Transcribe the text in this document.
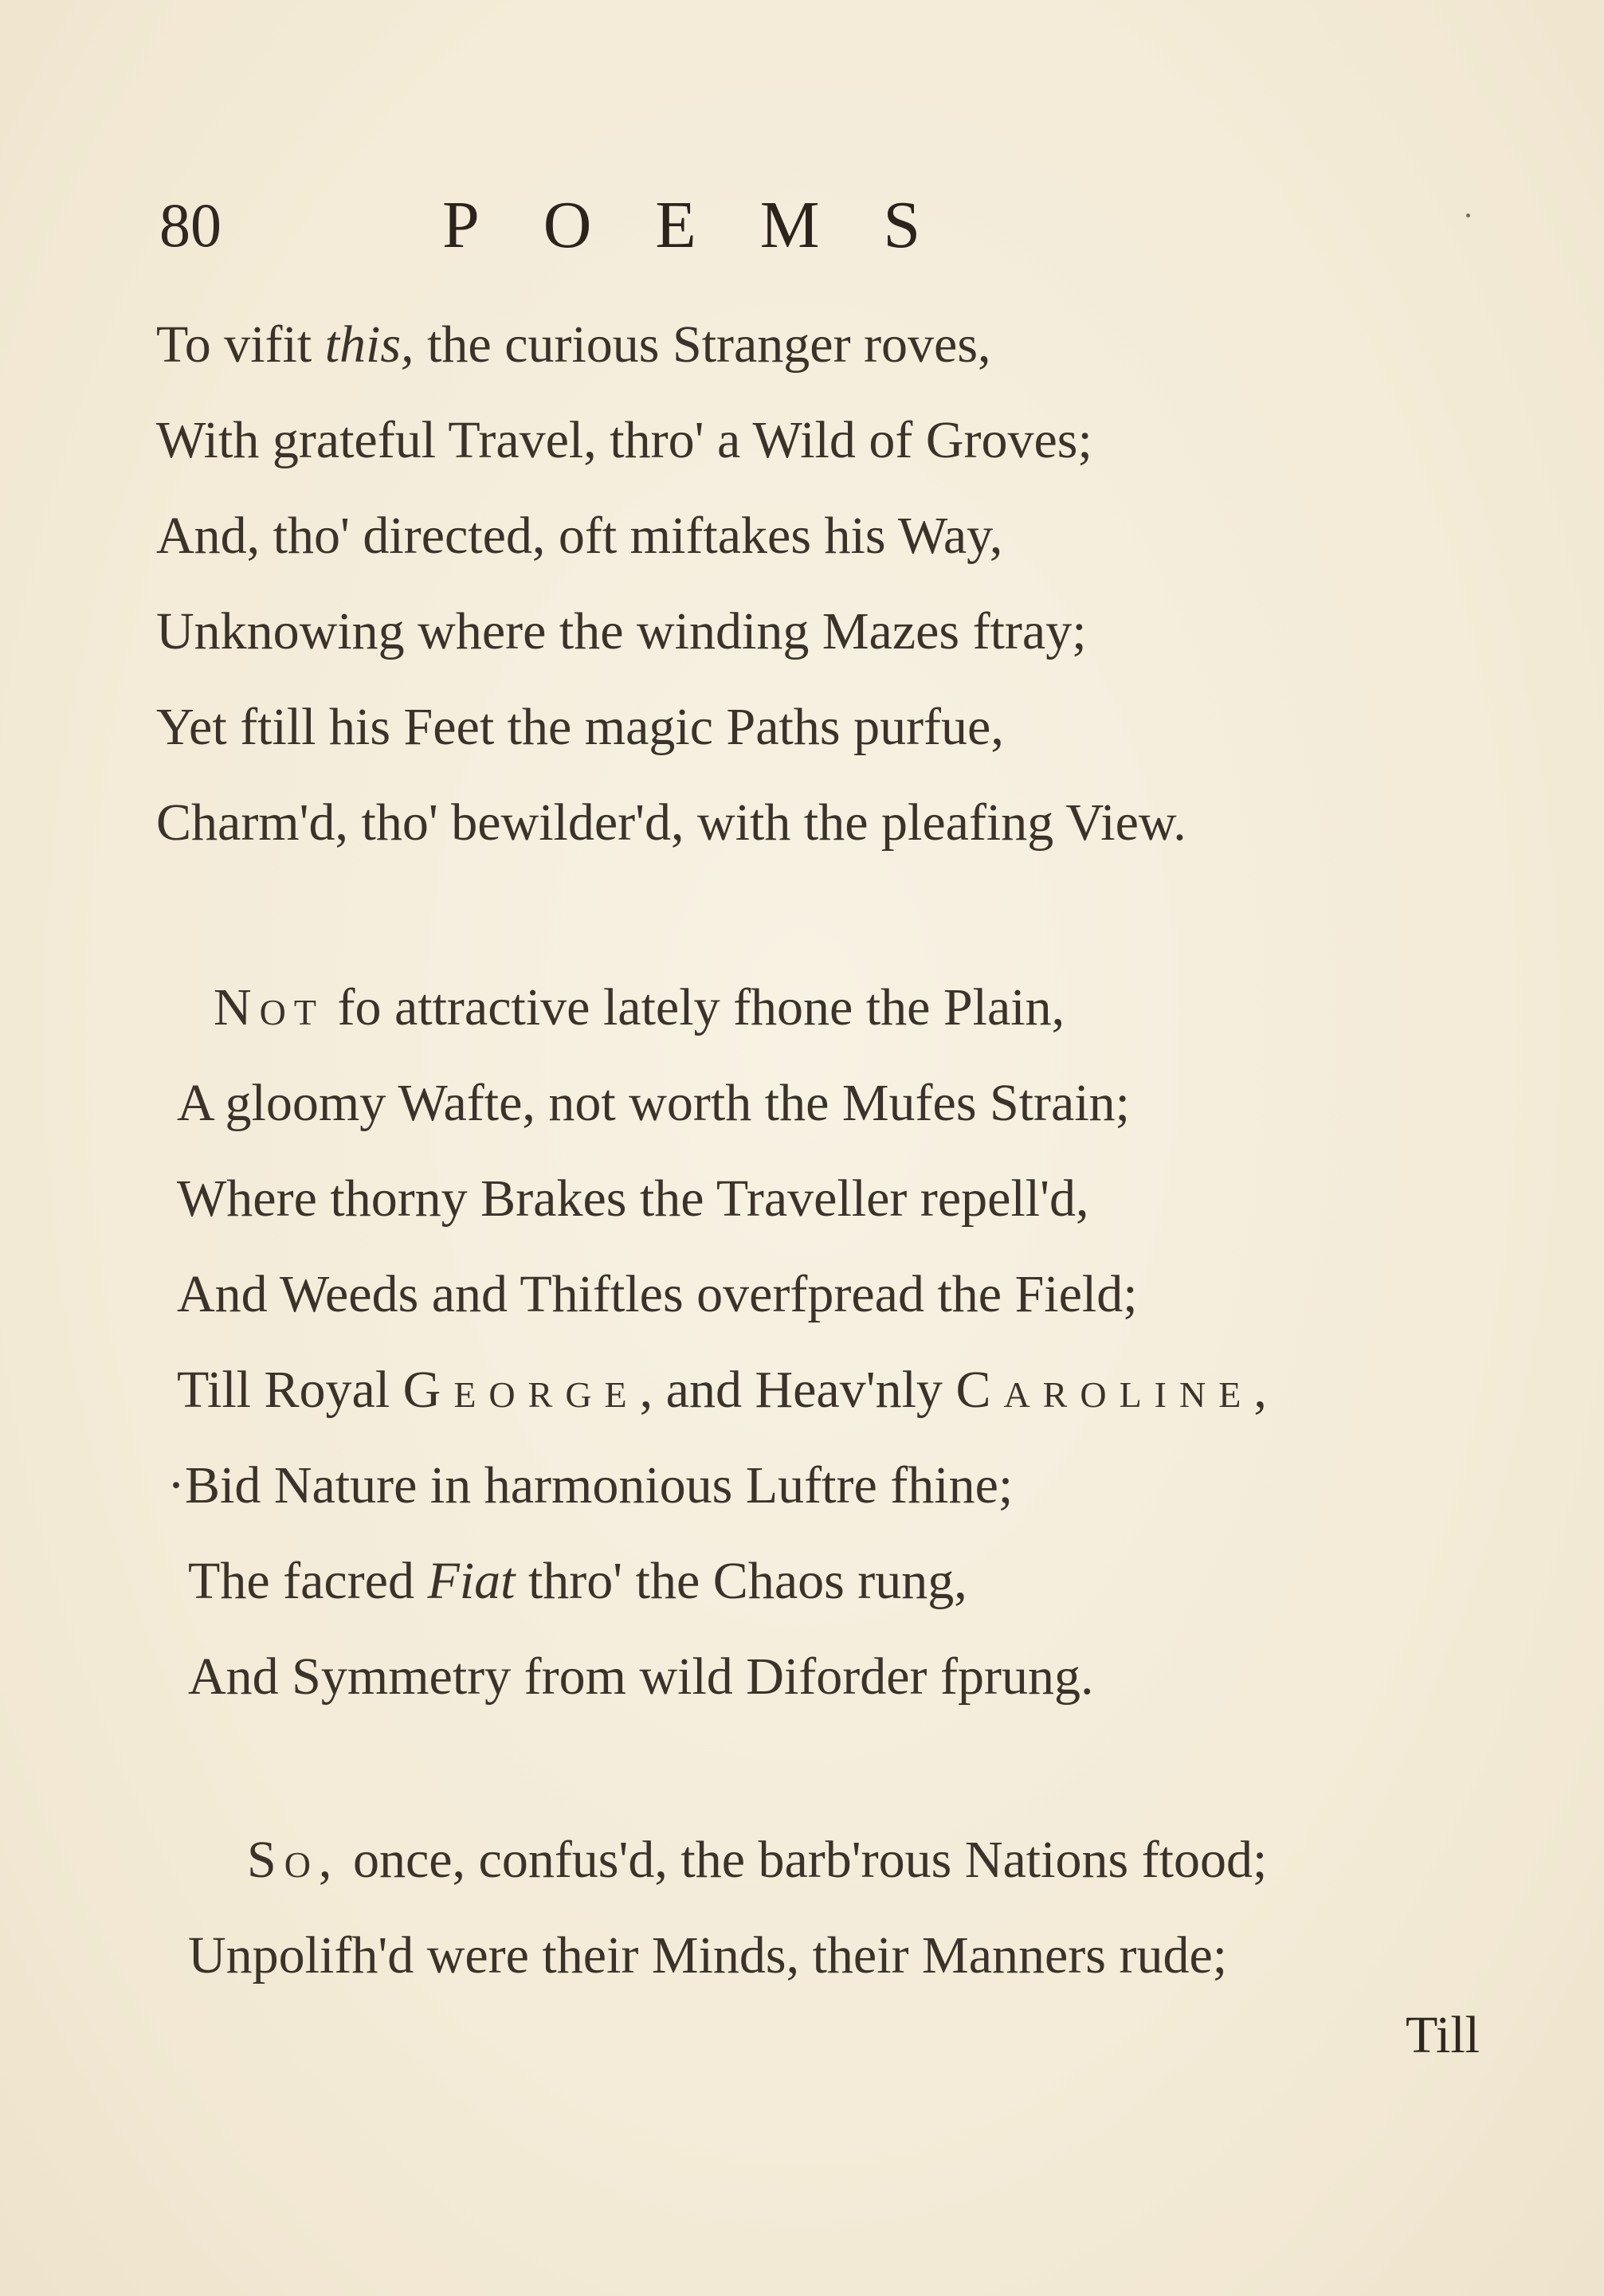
80	POEMS
To vifit this, the curious Stranger roves,
With grateful Travel, thro' a Wild of Groves;
And, tho' directed, oft miftakes his Way,
Unknowing where the winding Mazes ftray;
Yet ftill his Feet the magic Paths purfue,
Charm'd, tho' bewilder'd, with the pleafing View.
Not fo attractive lately fhone the Plain,
A gloomy Wafte, not worth the Mufes Strain;
Where thorny Brakes the Traveller repell'd,
And Weeds and Thiftles overfpread the Field;
Till Royal George, and Heav'nly Caroline,
·Bid Nature in harmonious Luftre fhine;
The facred Fiat thro' the Chaos rung,
And Symmetry from wild Diforder fprung.
So, once, confus'd, the barb'rous Nations ftood;
Unpolifh'd were their Minds, their Manners rude;
Till
